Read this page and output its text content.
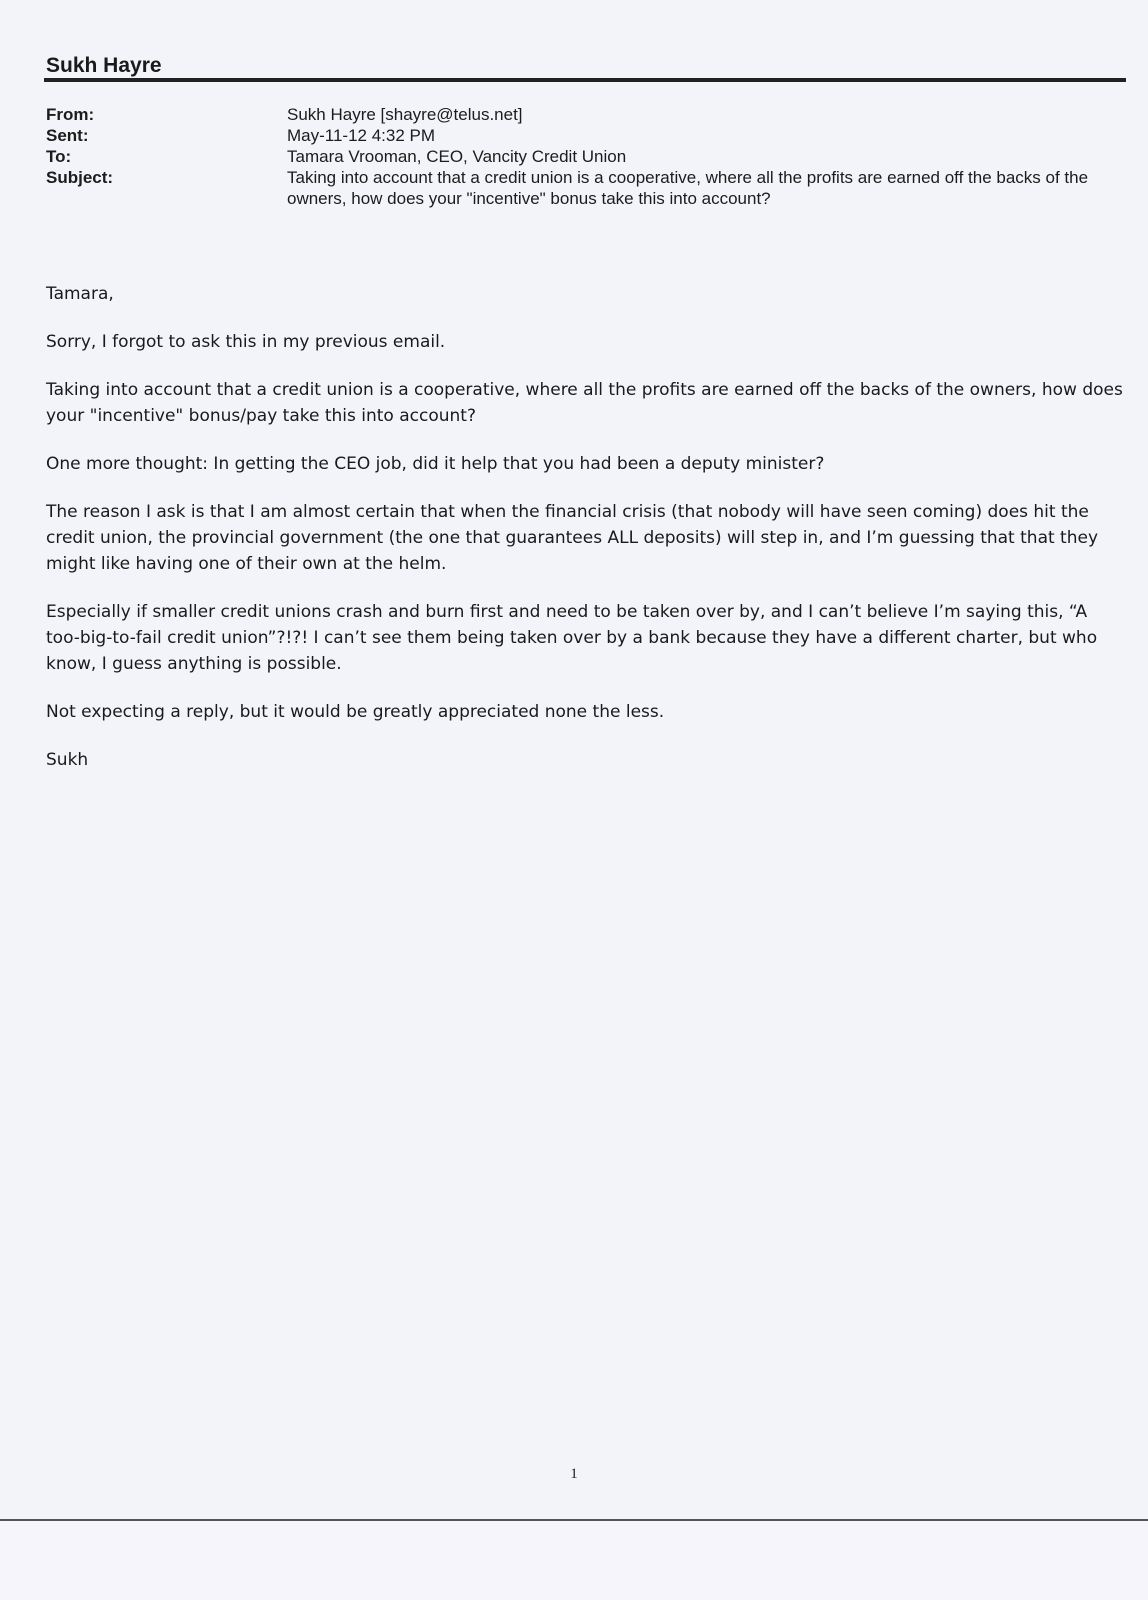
Sukh Hayre
From:	Sukh Hayre [shayre@telus.net]
Sent:	May-11-12 4:32 PM
To:	Tamara Vrooman, CEO, Vancity Credit Union
Subject:	Taking into account that a credit union is a cooperative, where all the profits are earned off the backs of the owners, how does your "incentive" bonus take this into account?

Tamara,

Sorry, I forgot to ask this in my previous email.

Taking into account that a credit union is a cooperative, where all the profits are earned off the backs of the owners, how does your "incentive" bonus/pay take this into account?

One more thought: In getting the CEO job, did it help that you had been a deputy minister?

The reason I ask is that I am almost certain that when the financial crisis (that nobody will have seen coming) does hit the credit union, the provincial government (the one that guarantees ALL deposits) will step in, and I’m guessing that that they might like having one of their own at the helm.

Especially if smaller credit unions crash and burn first and need to be taken over by, and I can’t believe I’m saying this, “A too-big-to-fail credit union”?!?! I can’t see them being taken over by a bank because they have a different charter, but who know, I guess anything is possible.

Not expecting a reply, but it would be greatly appreciated none the less.

Sukh

1
